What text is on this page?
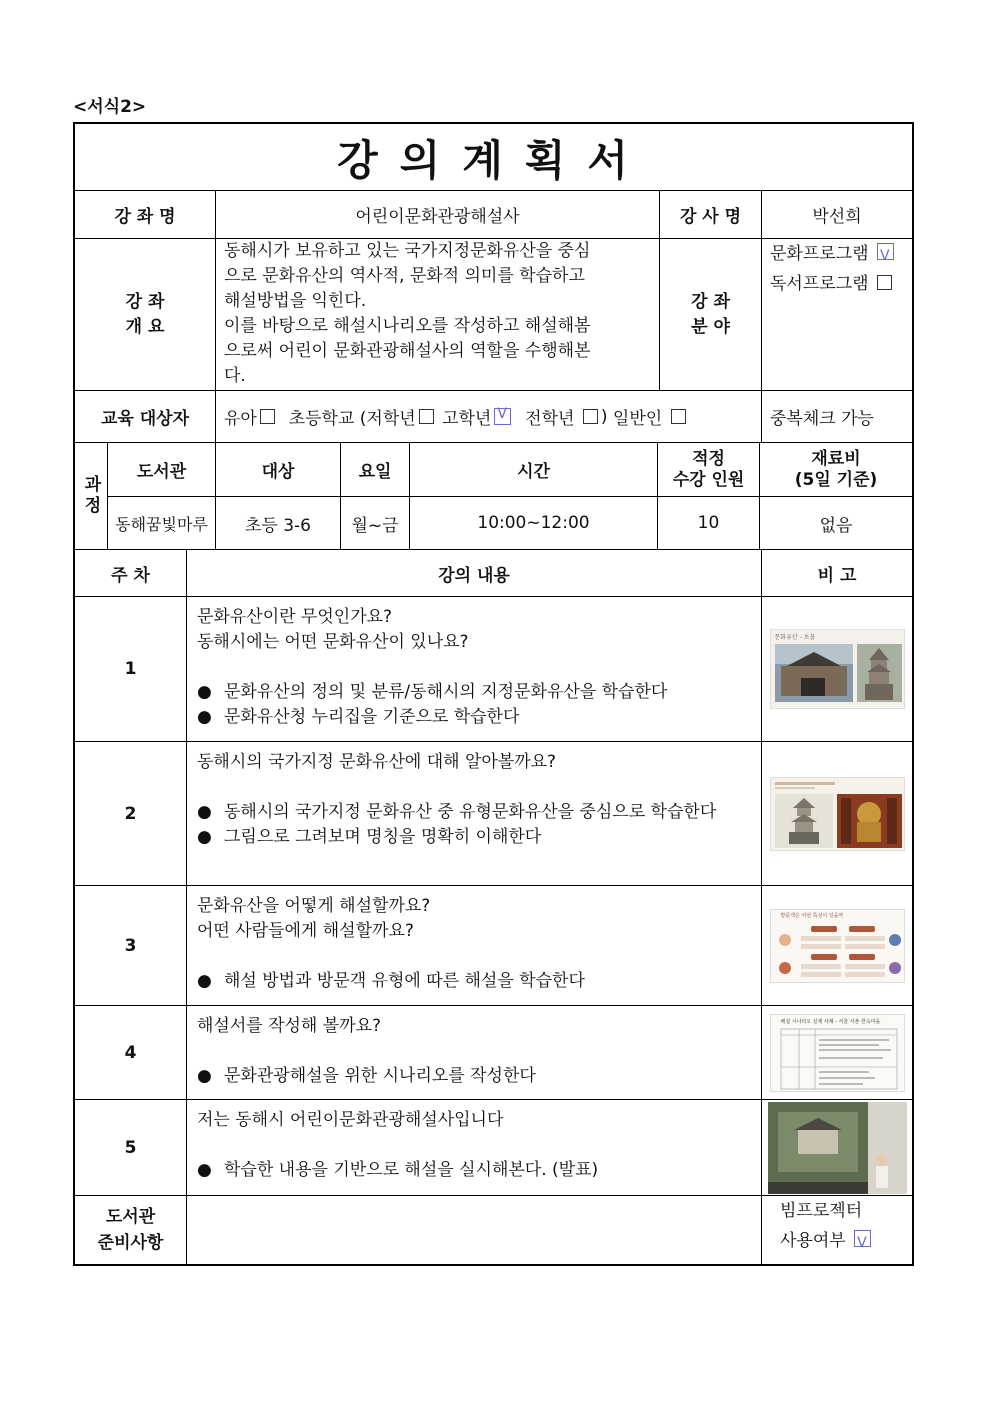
<서식2>
강의계획서
강 좌 명	어린이문화관광해설사	강 사 명	박선희
강 좌
개 요
동해시가 보유하고 있는 국가지정문화유산을 중심
으로 문화유산의 역사적, 문화적 의미를 학습하고
해설방법을 익힌다.
이를 바탕으로 해설시나리오를 작성하고 해설해봄
으로써 어린이 문화관광해설사의 역할을 수행해본
다.
강 좌
분 야
문화프로그램 V
독서프로그램
교육 대상자	유아
초등학교 (저학년
고학년
V
전학년
)
일반인
	중복체크 가능
과정
도서관	대상	요일	시간
적정
수강 인원
재료비
(5일 기준)
동해꿈빛마루	초등 3-6	월~금	10:00~12:00	10	없음
주 차	강의 내용	비 고
1
문화유산이란 무엇인가요?
동해시에는 어떤 문화유산이 있나요?
● 문화유산의 정의 및 분류/동해시의 지정문화유산을 학습한다
● 문화유산청 누리집을 기준으로 학습한다
문화유산 - 보물
2
동해시의 국가지정 문화유산에 대해 알아볼까요?
● 동해시의 국가지정 문화유산 중 유형문화유산을 중심으로 학습한다
● 그림으로 그려보며 명칭을 명확히 이해한다
3
문화유산을 어떻게 해설할까요?
어떤 사람들에게 해설할까요?
● 해설 방법과 방문객 유형에 따른 해설을 학습한다
방문객은 어떤 특성이 있을까
4
해설서를 작성해 볼까요?
● 문화관광해설을 위한 시나리오를 작성한다
해설 시나리오 실제 사례 - 서울 서촌 한옥마을
5
저는 동해시 어린이문화관광해설사입니다
● 학습한 내용을 기반으로 해설을 실시해본다. (발표)
도서관
준비사항
빔프로젝터
사용여부 V
